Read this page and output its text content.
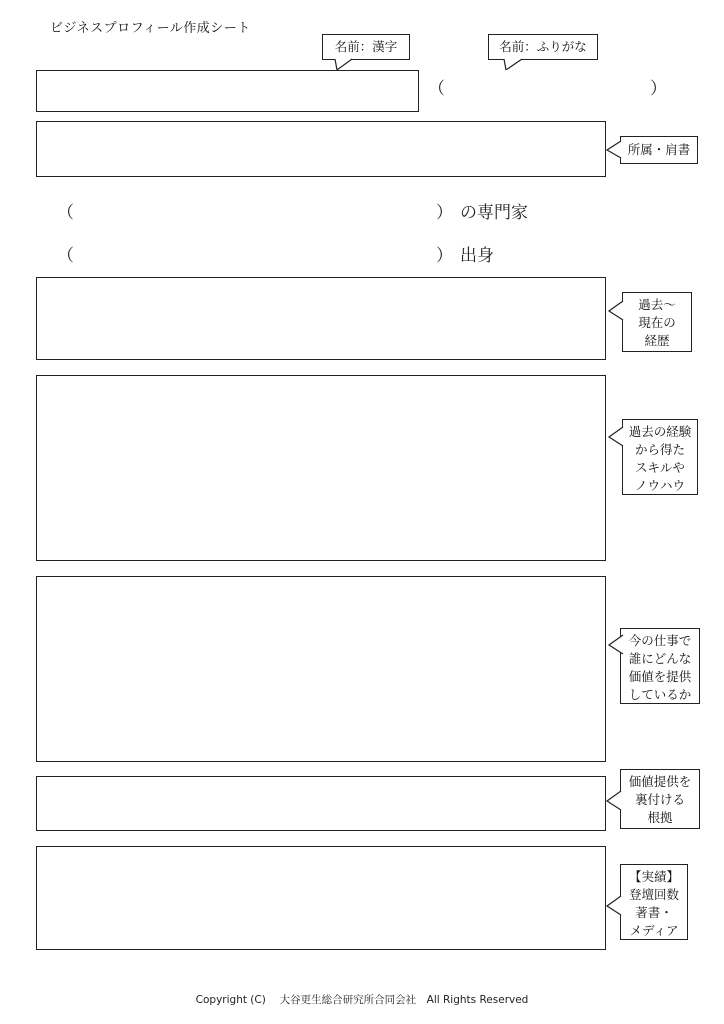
ビジネスプロフィール作成シート
名前：漢字	名前：ふりがな
（	）
所属・肩書
（	） の専門家
（	） 出身
過去～
現在の
経歴
過去の経験
から得た
スキルや
ノウハウ
今の仕事で
誰にどんな
価値を提供
しているか
価値提供を
裏付ける
根拠
【実績】
登壇回数
著書・
メディア
Copyright (C)　 大谷更生総合研究所合同会社　All Rights Reserved
